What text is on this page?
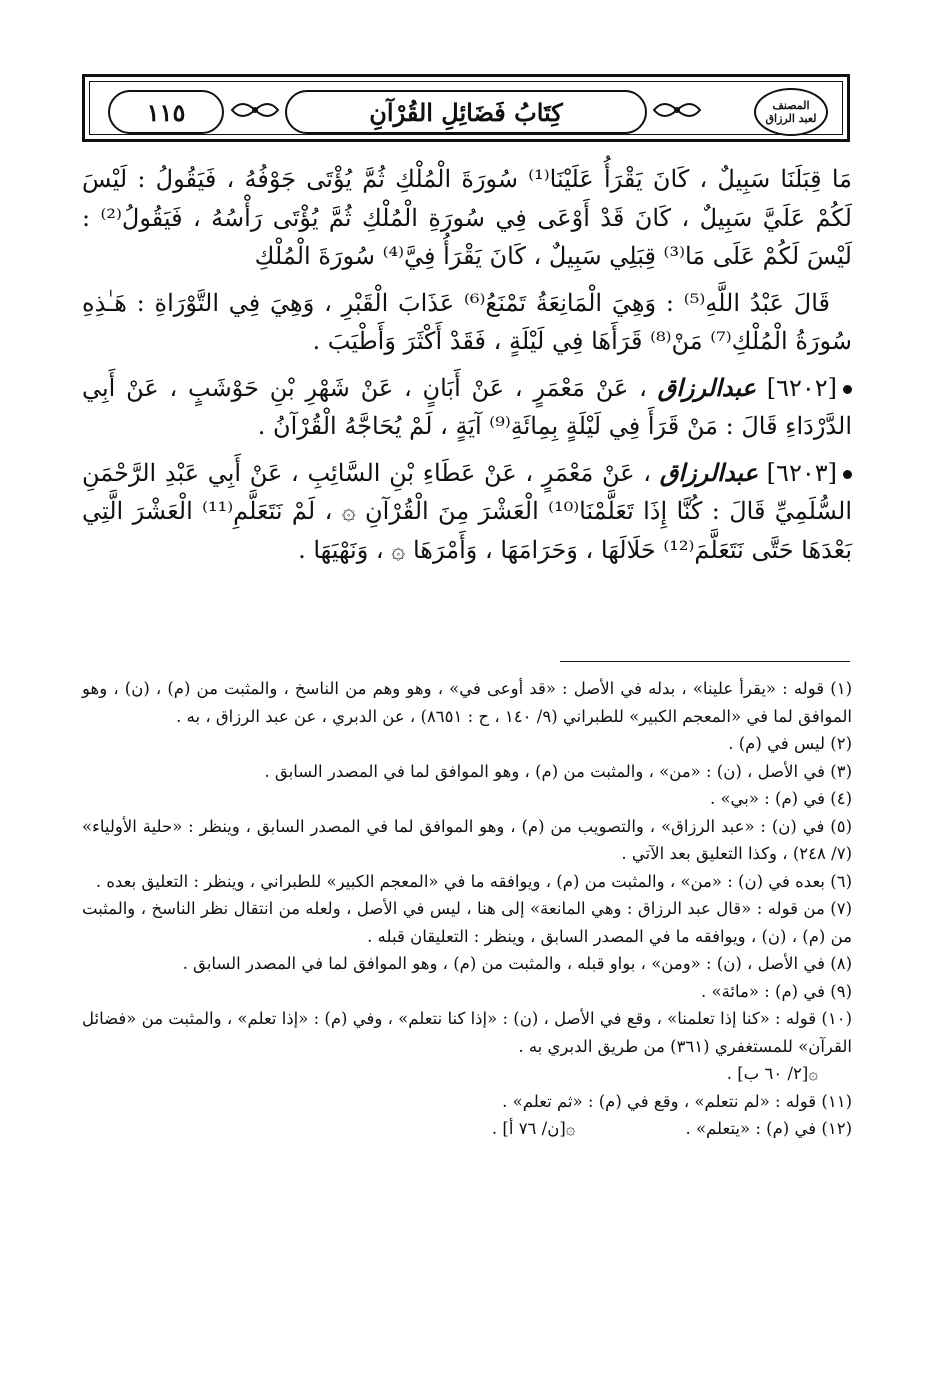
١١٥	كِتَابُ فَضَائِلِ القُرْآنِ	المصنف
لعبد الرزاق

مَا قِبَلَنَا سَبِيلٌ ، كَانَ يَقْرَأُ عَلَيْنَا⁽¹⁾ سُورَةَ الْمُلْكِ ثُمَّ يُؤْتَى جَوْفُهُ ، فَيَقُولُ : لَيْسَ لَكُمْ عَلَيَّ سَبِيلٌ ، كَانَ قَدْ أَوْعَى فِي سُورَةِ الْمُلْكِ ثُمَّ يُؤْتَى رَأْسُهُ ، فَيَقُولُ⁽²⁾ : لَيْسَ لَكُمْ عَلَى مَا⁽³⁾ قِبَلِي سَبِيلٌ ، كَانَ يَقْرَأُ فِيَّ⁽⁴⁾ سُورَةَ الْمُلْكِ

قَالَ عَبْدُ اللَّهِ⁽⁵⁾ : وَهِيَ الْمَانِعَةُ تَمْنَعُ⁽⁶⁾ عَذَابَ الْقَبْرِ ، وَهِيَ فِي التَّوْرَاةِ : هَـٰذِهِ سُورَةُ الْمُلْكِ⁽⁷⁾ مَنْ⁽⁸⁾ قَرَأَهَا فِي لَيْلَةٍ ، فَقَدْ أَكْثَرَ وَأَطْيَبَ .

[٦٢٠٢] عبدالرزاق ، عَنْ مَعْمَرٍ ، عَنْ أَبَانٍ ، عَنْ شَهْرِ بْنِ حَوْشَبٍ ، عَنْ أَبِي الدَّرْدَاءِ قَالَ : مَنْ قَرَأَ فِي لَيْلَةٍ بِمِائَةِ⁽⁹⁾ آيَةٍ ، لَمْ يُحَاجَّهُ الْقُرْآنُ .

[٦٢٠٣] عبدالرزاق ، عَنْ مَعْمَرٍ ، عَنْ عَطَاءِ بْنِ السَّائِبِ ، عَنْ أَبِي عَبْدِ الرَّحْمَنِ السُّلَمِيِّ قَالَ : كُنَّا إِذَا تَعَلَّمْنَا⁽¹⁰⁾ الْعَشْرَ مِنَ الْقُرْآنِ ۞ ، لَمْ نَتَعَلَّمِ⁽¹¹⁾ الْعَشْرَ الَّتِي بَعْدَهَا حَتَّى نَتَعَلَّمَ⁽¹²⁾ حَلَالَهَا ، وَحَرَامَهَا ، وَأَمْرَهَا ۞ ، وَنَهْيَهَا .

(١) قوله : «يقرأ علينا» ، بدله في الأصل : «قد أوعى في» ، وهو وهم من الناسخ ، والمثبت من (م) ، (ن) ، وهو الموافق لما في «المعجم الكبير» للطبراني (٩/ ١٤٠ ، ح : ٨٦٥١) ، عن الدبري ، عن عبد الرزاق ، به .

(٢) ليس في (م) .

(٣) في الأصل ، (ن) : «من» ، والمثبت من (م) ، وهو الموافق لما في المصدر السابق .

(٤) في (م) : «بي» .

(٥) في (ن) : «عبد الرزاق» ، والتصويب من (م) ، وهو الموافق لما في المصدر السابق ، وينظر : «حلية الأولياء» (٧/ ٢٤٨) ، وكذا التعليق بعد الآتي .

(٦) بعده في (ن) : «من» ، والمثبت من (م) ، ويوافقه ما في «المعجم الكبير» للطبراني ، وينظر : التعليق بعده .

(٧) من قوله : «قال عبد الرزاق : وهي المانعة» إلى هنا ، ليس في الأصل ، ولعله من انتقال نظر الناسخ ، والمثبت من (م) ، (ن) ، ويوافقه ما في المصدر السابق ، وينظر : التعليقان قبله .

(٨) في الأصل ، (ن) : «ومن» ، بواو قبله ، والمثبت من (م) ، وهو الموافق لما في المصدر السابق .

(٩) في (م) : «مائة» .

(١٠) قوله : «كنا إذا تعلمنا» ، وقع في الأصل ، (ن) : «إذا كنا نتعلم» ، وفي (م) : «إذا تعلم» ، والمثبت من «فضائل القرآن» للمستغفري (٣٦١) من طريق الدبري به .

۞[٢/ ٦٠ ب] .

(١١) قوله : «لم نتعلم» ، وقع في (م) : «ثم تعلم» .

(١٢) في (م) : «يتعلم» .
۞[ن/ ٧٦ أ] .
